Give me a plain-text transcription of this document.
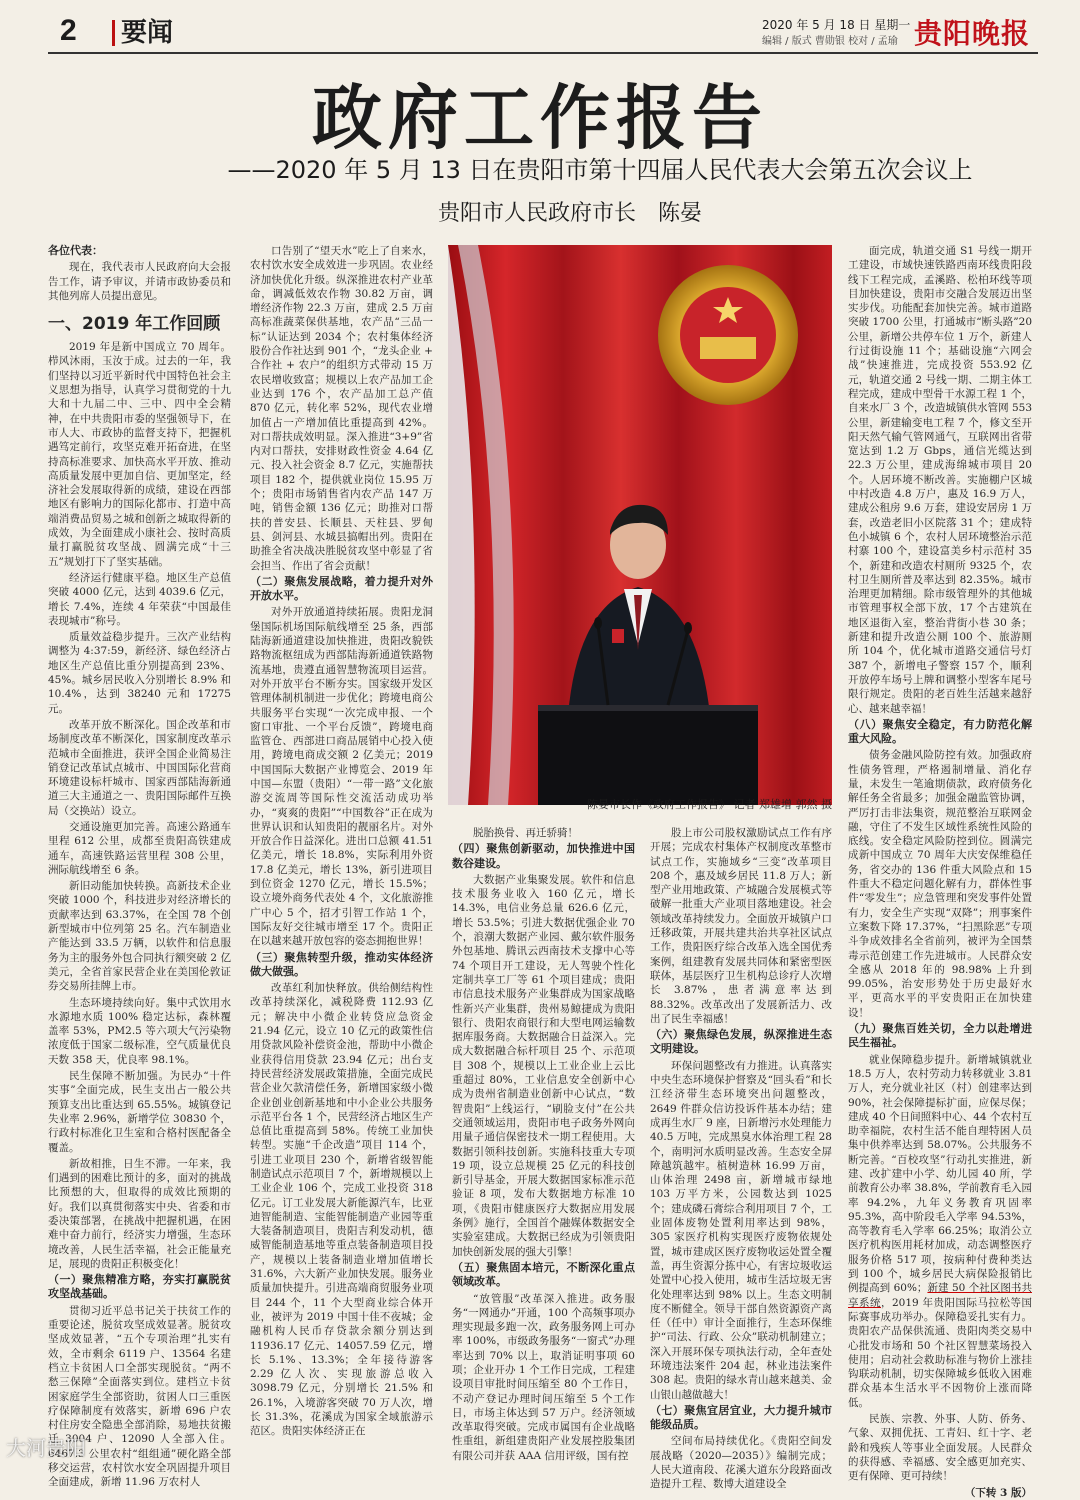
2	要闻	2020 年 5 月 18 日 星期一
编辑 / 版式 曹勋银 校对 / 孟瑜 贵阳晚报
政府工作报告
——2020 年 5 月 13 日在贵阳市第十四届人民代表大会第五次会议上
贵阳市人民政府市长　陈晏

各位代表：

现在，我代表市人民政府向大会报告工作，请予审议，并请市政协委员和其他列席人员提出意见。

一、2019 年工作回顾

2019 年是新中国成立 70 周年。栉风沐雨，玉汝于成。过去的一年，我们坚持以习近平新时代中国特色社会主义思想为指导，认真学习贯彻党的十九大和十九届二中、三中、四中全会精神，在中共贵阳市委的坚强领导下，在市人大、市政协的监督支持下，把握机遇笃定前行，攻坚克难开拓奋进，在坚持高标准要求、加快高水平开放、推动高质量发展中更加自信、更加坚定，经济社会发展取得新的成绩，建设在西部地区有影响力的国际化都市、打造中高端消费品贸易之城和创新之城取得新的成效，为全面建成小康社会、按时高质量打赢脱贫攻坚战、圆满完成“十三五”规划打下了坚实基础。

经济运行健康平稳。地区生产总值突破 4000 亿元，达到 4039.6 亿元，增长 7.4%，连续 4 年荣获“中国最佳表现城市”称号。

质量效益稳步提升。三次产业结构调整为 4:37:59，新经济、绿色经济占地区生产总值比重分别提高到 23%、45%。城乡居民收入分别增长 8.9% 和 10.4%，达到 38240 元和 17275 元。

改革开放不断深化。国企改革和市场制度改革不断深化，国家制度改革示范城市全面推进，获评全国企业简易注销登记改革试点城市、中国国际化营商环境建设标杆城市、国家西部陆海新通道三大主通道之一、贵阳国际邮件互换局（交换站）设立。

交通设施更加完善。高速公路通车里程 612 公里，成都至贵阳高铁建成通车，高速铁路运营里程 308 公里，洲际航线增至 6 条。

新旧动能加快转换。高新技术企业突破 1000 个，科技进步对经济增长的贡献率达到 63.37%，在全国 78 个创新型城市中位列第 25 名。汽车制造业产能达到 33.5 万辆，以软件和信息服务为主的服务外包合同执行额突破 2 亿美元，全省首家民营企业在美国伦敦证券交易所挂牌上市。

生态环境持续向好。集中式饮用水水源地水质 100% 稳定达标，森林覆盖率 53%，PM2.5 等六项大气污染物浓度低于国家二级标准，空气质量优良天数 358 天，优良率 98.1%。

民生保障不断加强。为民办“十件实事”全面完成，民生支出占一般公共预算支出比重达到 65.55%。城镇登记失业率 2.96%，新增学位 30830 个，行政村标准化卫生室和合格村医配备全覆盖。

新故相推，日生不滞。一年来，我们遇到的困难比预计的多，面对的挑战比预想的大，但取得的成效比预期的好。我们以真贯彻落实中央、省委和市委决策部署，在挑战中把握机遇，在困难中奋力前行，经济实力增强，生态环境改善，人民生活幸福，社会正能量充足，展现的贵阳正积极变化！

（一）聚焦精准方略，夯实打赢脱贫攻坚战基础。

贯彻习近平总书记关于扶贫工作的重要论述，脱贫攻坚成效显著。脱贫攻坚成效显著，“五个专项治理”扎实有效，全市剩余 6119 户、13564 名建档立卡贫困人口全部实现脱贫。“两不愁三保障”全面落实到位。建档立卡贫困家庭学生全部资助，贫困人口三重医疗保障制度有效落实，新增 696 户农村住房安全隐患全部消除，易地扶贫搬迁 3004 户、12090 人全部入住。6467.3 公里农村“组组通”硬化路全部移交运营，农村饮水安全巩固提升项目全面建成，新增 11.96 万农村人

口告别了“望天水”吃上了自来水，农村饮水安全成效进一步巩固。农业经济加快优化升级。纵深推进农村产业革命，调减低效农作物 30.82 万亩，调增经济作物 22.3 万亩，建成 2.5 万亩高标准蔬菜保供基地，农产品“三品一标”认证达到 2034 个；农村集体经济股份合作社达到 901 个，“龙头企业 + 合作社 + 农户”的组织方式带动 15 万农民增收致富；规模以上农产品加工企业达到 176 个，农产品加工总产值 870 亿元，转化率 52%，现代农业增加值占一产增加值比重提高到 42%。对口帮扶成效明显。深入推进“3+9”省内对口帮扶，安排财政性资金 4.64 亿元、投入社会资金 8.7 亿元，实施帮扶项目 182 个，提供就业岗位 15.95 万个；贵阳市场销售省内农产品 147 万吨，销售金额 136 亿元；助推对口帮扶的普安县、长顺县、天柱县、罗甸县、剑河县、水城县搞帽出列。贵阳在助推全省决战决胜脱贫攻坚中彰显了省会担当、作出了省会贡献！

（二）聚焦发展战略，着力提升对外开放水平。

对外开放通道持续拓展。贵阳龙洞堡国际机场国际航线增至 25 条，西部陆海新通道建设加快推进，贵阳改貌铁路物流枢纽成为西部陆海新通道铁路物流基地，贵遵直通智慧物流项目运营。对外开放平台不断夯实。国家级开发区管理体制机制进一步优化；跨境电商公共服务平台实现“一次完成申报、一个窗口审批、一个平台反馈”，跨境电商监管仓、西部进口商品展销中心投入使用，跨境电商成交额 2 亿美元；2019 中国国际大数据产业博览会、2019 年中国—东盟（贵阳）“一带一路”文化旅游交流周等国际性交流活动成功举办，“爽爽的贵阳”“中国数谷”正在成为世界认识和认知贵阳的靓丽名片。对外开放合作日益深化。进出口总额 41.51 亿美元，增长 18.8%，实际利用外资 17.8 亿美元，增长 13%，新引进项目到位资金 1270 亿元，增长 15.5%；设立境外商务代表处 4 个，文化旅游推广中心 5 个，招才引智工作站 1 个，国际友好交往城市增至 17 个。贵阳正在以越来越开放包容的姿态拥抱世界！

（三）聚焦转型升级，推动实体经济做大做强。

改革红利加快释放。供给侧结构性改革持续深化，减税降费 112.93 亿元；解决中小微企业转贷应急资金 21.94 亿元，设立 10 亿元的政策性信用贷款风险补偿资金池，帮助中小微企业获得信用贷款 23.94 亿元；出台支持民营经济发展政策措施，全面完成民营企业欠款清偿任务，新增国家级小微企业创业创新基地和中小企业公共服务示范平台各 1 个，民营经济占地区生产总值比重提高到 58%。传统工业加快转型。实施“千企改造”项目 114 个，引进工业项目 230 个，新增省级智能制造试点示范项目 7 个，新增规模以上工业企业 106 个，完成工业投资 318 亿元。订工业发展大新能源汽车，比亚迪智能制造、宝能智能制造产业园等重大装备制造项目，贵阳吉利发动机，德威智能制造基地等重点装备制造项目投产，规模以上装备制造业增加值增长 31.6%，六大新产业加快发展。服务业质量加快提升。引进高端商贸服务业项目 244 个，11 个大型商业综合体开业，被评为 2019 中国十佳不夜城；金融机构人民币存贷款余额分别达到 11936.17 亿元、14057.59 亿元，增长 5.1%、13.3%；全年接待游客 2.29 亿人次、实现旅游总收入 3098.79 亿元，分别增长 21.5% 和 26.1%，入境游客突破 70 万人次，增长 31.3%，花溪成为国家全域旅游示范区。贵阳实体经济正在

陈晏市长作《政府工作报告》 记者 郑雄增 郭然 摄

脱胎换骨、再迁骄骑！

（四）聚焦创新驱动，加快推进中国数谷建设。

大数据产业集聚发展。软件和信息技术服务业收入 160 亿元，增长 14.3%，电信业务总量 626.6 亿元，增长 53.5%；引进大数据优强企业 70 个，浪潮大数据产业园、戴尔软件服务外包基地、腾讯云西南技术支撑中心等 74 个项目开工建设，无人驾驶个性化定制共享工厂等 61 个项目建成；贵阳市信息技术服务产业集群成为国家战略性新兴产业集群，贵州易鲸捷成为贵阳银行、贵阳农商银行和大型电网运输数据库服务商。大数据融合日益深入。完成大数据融合标杆项目 25 个、示范项目 308 个，规模以上工业企业上云比重超过 80%，工业信息安全创新中心成为贵州省制造业创新中心试点，“数智贵阳”上线运行，“刷脸支付”在公共交通领域运用，贵阳市电子政务外网向用量子通信保密技术一期工程使用。大数据引领科技创新。实施科技重大专项 19 项，设立总规模 25 亿元的科技创新引导基金，开展大数据国家标准示范验证 8 项，发布大数据地方标准 10 项，《贵阳市健康医疗大数据应用发展条例》施行，全国首个融媒体数据安全实验室建成。大数据已经成为引领贵阳加快创新发展的强大引擎！

（五）聚焦固本培元，不断深化重点领域改革。

“放管服”改革深入推进。政务服务“一网通办”开通，100 个高频事项办理实现最多跑一次，政务服务网上可办率 100%，市级政务服务“一窗式”办理率达到 70% 以上，取消证明事项 60 项；企业开办 1 个工作日完成，工程建设项目审批时间压缩至 80 个工作日，不动产登记办理时间压缩至 5 个工作日，市场主体达到 57 万户。经济领域改革取得突破。完成市属国有企业战略性重组，新组建贵阳产业发展控股集团有限公司并获 AAA 信用评级，国有控

股上市公司股权激励试点工作有序开展；完成农村集体产权制度改革整市试点工作，实施域乡“三变”改革项目 208 个，惠及域乡居民 11.8 万人；新型产业用地政策、产城融合发展模式等破解一批重大产业项目落地建设。社会领域改革持续发力。全面放开城镇户口迁移政策，开展共建共治共享社区试点工作，贵阳医疗综合改革入选全国优秀案例，组建教育发展共同体和紧密型医联体，基层医疗卫生机构总诊疗人次增长 3.87%，患者满意率达到 88.32%。改革改出了发展新活力、改出了民生幸福感！

（六）聚焦绿色发展，纵深推进生态文明建设。

环保问题整改有力推进。认真落实中央生态环境保护督察及“回头看”和长江经济带生态环境突出问题整改，2649 件群众信访投诉件基本办结；建成再生水厂 9 座，日新增污水处理能力 40.5 万吨，完成黑臭水体治理工程 28 个，南明河水质明显改善。生态安全屏障越筑越牢。植树造林 16.99 万亩，山体治理 2498 亩，新增城市绿地 103 万平方米，公园数达到 1025 个；建成磷石膏综合利用项目 7 个，工业固体废物处置利用率达到 98%，305 家医疗机构实现医疗废物依规处置，城市建成区医疗废物收运处置全覆盖，再生资源分拣中心，有害垃圾收运处置中心投入使用，城市生活垃圾无害化处理率达到 98% 以上。生态文明制度不断健全。领导干部自然资源资产离任（任中）审计全面推行，生态环保维护“司法、行政、公众”联动机制建立；深入开展环保专项执法行动，全年查处环境违法案件 204 起，林业违法案件 308 起。贵阳的绿水青山越来越美、金山银山越做越大！

（七）聚焦宜居宜业，大力提升城市能级品质。

空间布局持续优化。《贵阳空间发展战略（2020—2035）》编制完成；人民大道南段、花溪大道东分段路面改造提升工程、数博大道建设全

面完成，轨道交通 S1 号线一期开工建设，市域快速铁路西南环线贵阳段线下工程完成，孟溪路、松柏环线等项目加快建设，贵阳市交融合发展迈出坚实步伐。功能配套加快完善。城市道路突破 1700 公里，打通城市“断头路”20 公里，新增公共停车位 1 万个，新建人行过街设施 11 个；基础设施“六网会战”快速推进，完成投资 553.92 亿元，轨道交通 2 号线一期、二期主体工程完成，建成中型骨干水源工程 1 个，自来水厂 3 个，改造城镇供水管网 553 公里，新建输变电工程 7 个，修文至开阳天然气输气管网通气，互联网出省带宽达到 1.2 万 Gbps，通信光缆达到 22.3 万公里，建成海绵城市项目 20 个。人居环境不断改善。实施棚户区城中村改造 4.8 万户，惠及 16.9 万人，建成公租房 9.6 万套，建设安居房 1 万套，改造老旧小区院落 31 个；建成特色小城镇 6 个，农村人居环境整治示范村寨 100 个，建设富美乡村示范村 35 个，新建和改造农村厕所 9325 个，农村卫生厕所普及率达到 82.35%。城市治理更加精细。除市级管理外的其他城市管理事权全部下放，17 个古建筑在地区退街入室，整治背街小巷 30 条；新建和提升改造公厕 100 个、旅游厕所 104 个，优化城市道路交通信号灯 387 个，新增电子警察 157 个，顺利开放停车场号上牌和调整小型客车尾号限行规定。贵阳的老百姓生活越来越舒心、越来越幸福！

（八）聚焦安全稳定，有力防范化解重大风险。

债务金融风险防控有效。加强政府性债务管理，严格遏制增量、消化存量，未发生一笔逾期债款，政府债务化解任务全省最多；加强金融监管协调，严厉打击非法集资，规范整治互联网金融，守住了不发生区域性系统性风险的底线。安全稳定风险防控到位。圆满完成新中国成立 70 周年大庆安保维稳任务，省交办的 136 件重大风险点和 15 件重大不稳定问题化解有力，群体性事件“零发生”；应急管理和突发事件处置有力，安全生产实现“双降”；刑事案件立案数下降 17.37%，“扫黑除恶”专项斗争成效排名全省前列，被评为全国禁毒示范创建工作先进城市。人民群众安全感从 2018 年的 98.98% 上升到 99.05%，治安形势处于历史最好水平，更高水平的平安贵阳正在加快建设！

（九）聚焦百姓关切，全力以赴增进民生福祉。

就业保障稳步提升。新增城镇就业 18.5 万人，农村劳动力转移就业 3.81 万人，充分就业社区（村）创建率达到 90%，社会保障提标扩面，应保尽保；建成 40 个日间照料中心、44 个农村互助幸福院，农村生活不能自理特困人员集中供养率达到 58.07%。公共服务不断完善。“百校攻坚”行动扎实推进，新建、改扩建中小学、幼儿园 40 所，学前教育公办率 38.8%，学前教育毛入园率 94.2%，九年义务教育巩固率 95.3%，高中阶段毛入学率 94.53%，高等教育毛入学率 66.25%；取消公立医疗机构医用耗材加成，动态调整医疗服务价格 517 项，按病种付费种类达到 100 个，城乡居民大病保险报销比例提高到 60%；新建 50 个社区图书共享系统，2019 年贵阳国际马拉松等国际赛事成功举办。保障稳妥扎实有力。贵阳农产品保供流通、贵阳肉类交易中心批发市场和 50 个社区智慧菜场投入使用；启动社会救助标准与物价上涨挂钩联动机制，切实保障城乡低收入困难群众基本生活水平不因物价上涨而降低。

民族、宗教、外事、人防、侨务、气象、双拥优抚、工青妇、红十字、老龄和残疾人等事业全面发展。人民群众的获得感、幸福感、安全感更加充实、更有保障、更可持续！

（下转 3 版）

大河贵阳
